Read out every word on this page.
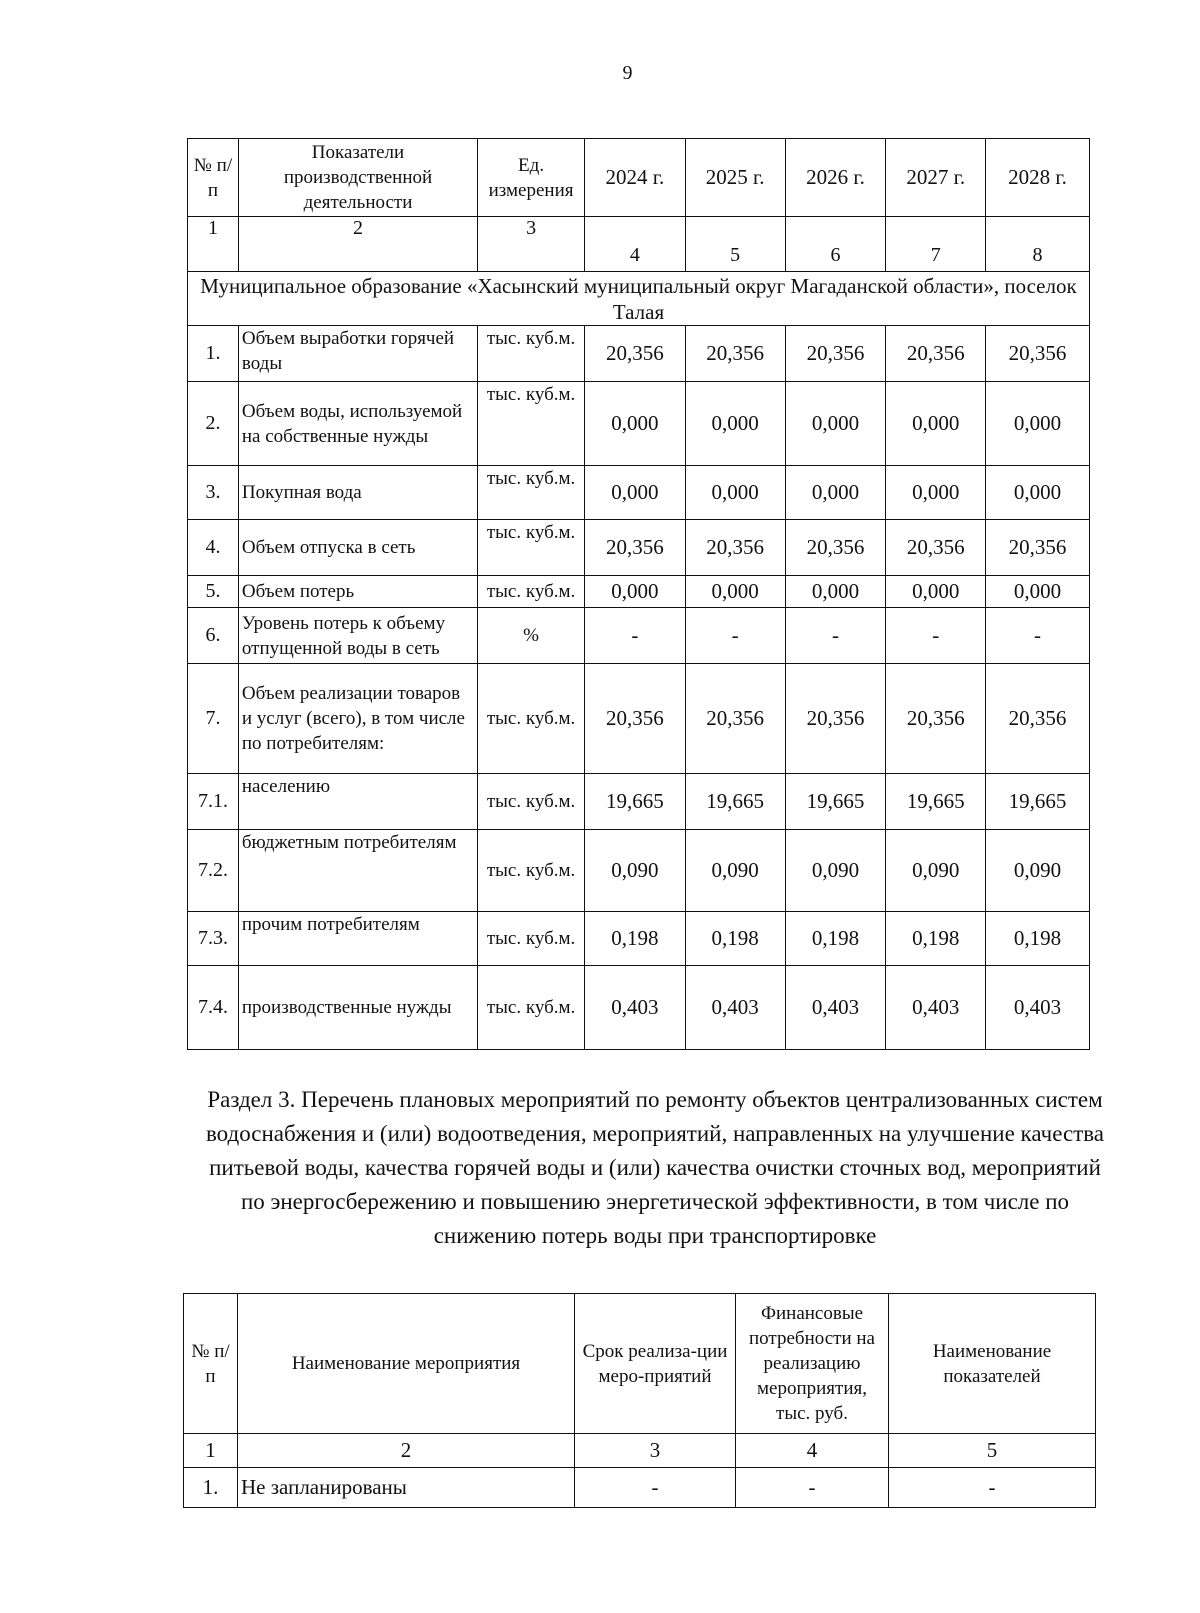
9
№ п/п	Показатели производственной деятельности	Ед. измерения	2024 г.	2025 г.	2026 г.	2027 г.	2028 г.
1	2	3	4	5	6	7	8
Муниципальное образование «Хасынский муниципальный округ Магаданской области», поселок Талая							
1.	Объем выработки горячей воды	тыс. куб.м.	20,356	20,356	20,356	20,356	20,356
2.	Объем воды, используемой на собственные нужды	тыс. куб.м.	0,000	0,000	0,000	0,000	0,000
3.	Покупная вода	тыс. куб.м.	0,000	0,000	0,000	0,000	0,000
4.	Объем отпуска в сеть	тыс. куб.м.	20,356	20,356	20,356	20,356	20,356
5.	Объем потерь	тыс. куб.м.	0,000	0,000	0,000	0,000	0,000
6.	Уровень потерь к объему отпущенной воды в сеть	%	-	-	-	-	-
7.	Объем реализации товаров и услуг (всего), в том числе по потребителям:	тыс. куб.м.	20,356	20,356	20,356	20,356	20,356
7.1.	населению	тыс. куб.м.	19,665	19,665	19,665	19,665	19,665
7.2.	бюджетным потребителям	тыс. куб.м.	0,090	0,090	0,090	0,090	0,090
7.3.	прочим потребителям	тыс. куб.м.	0,198	0,198	0,198	0,198	0,198
7.4.	производственные нужды	тыс. куб.м.	0,403	0,403	0,403	0,403	0,403
Раздел 3. Перечень плановых мероприятий по ремонту объектов централизованных систем водоснабжения и (или) водоотведения, мероприятий, направленных на улучшение качества питьевой воды, качества горячей воды и (или) качества очистки сточных вод, мероприятий по энергосбережению и повышению энергетической эффективности, в том числе по снижению потерь воды при транспортировке
№ п/п	Наименование мероприятия	Срок реализа-ции меро-приятий	Финансовые потребности на реализацию мероприятия, тыс. руб.	Наименование показателей
1	2	3	4	5
1.	Не запланированы	-	-	-
